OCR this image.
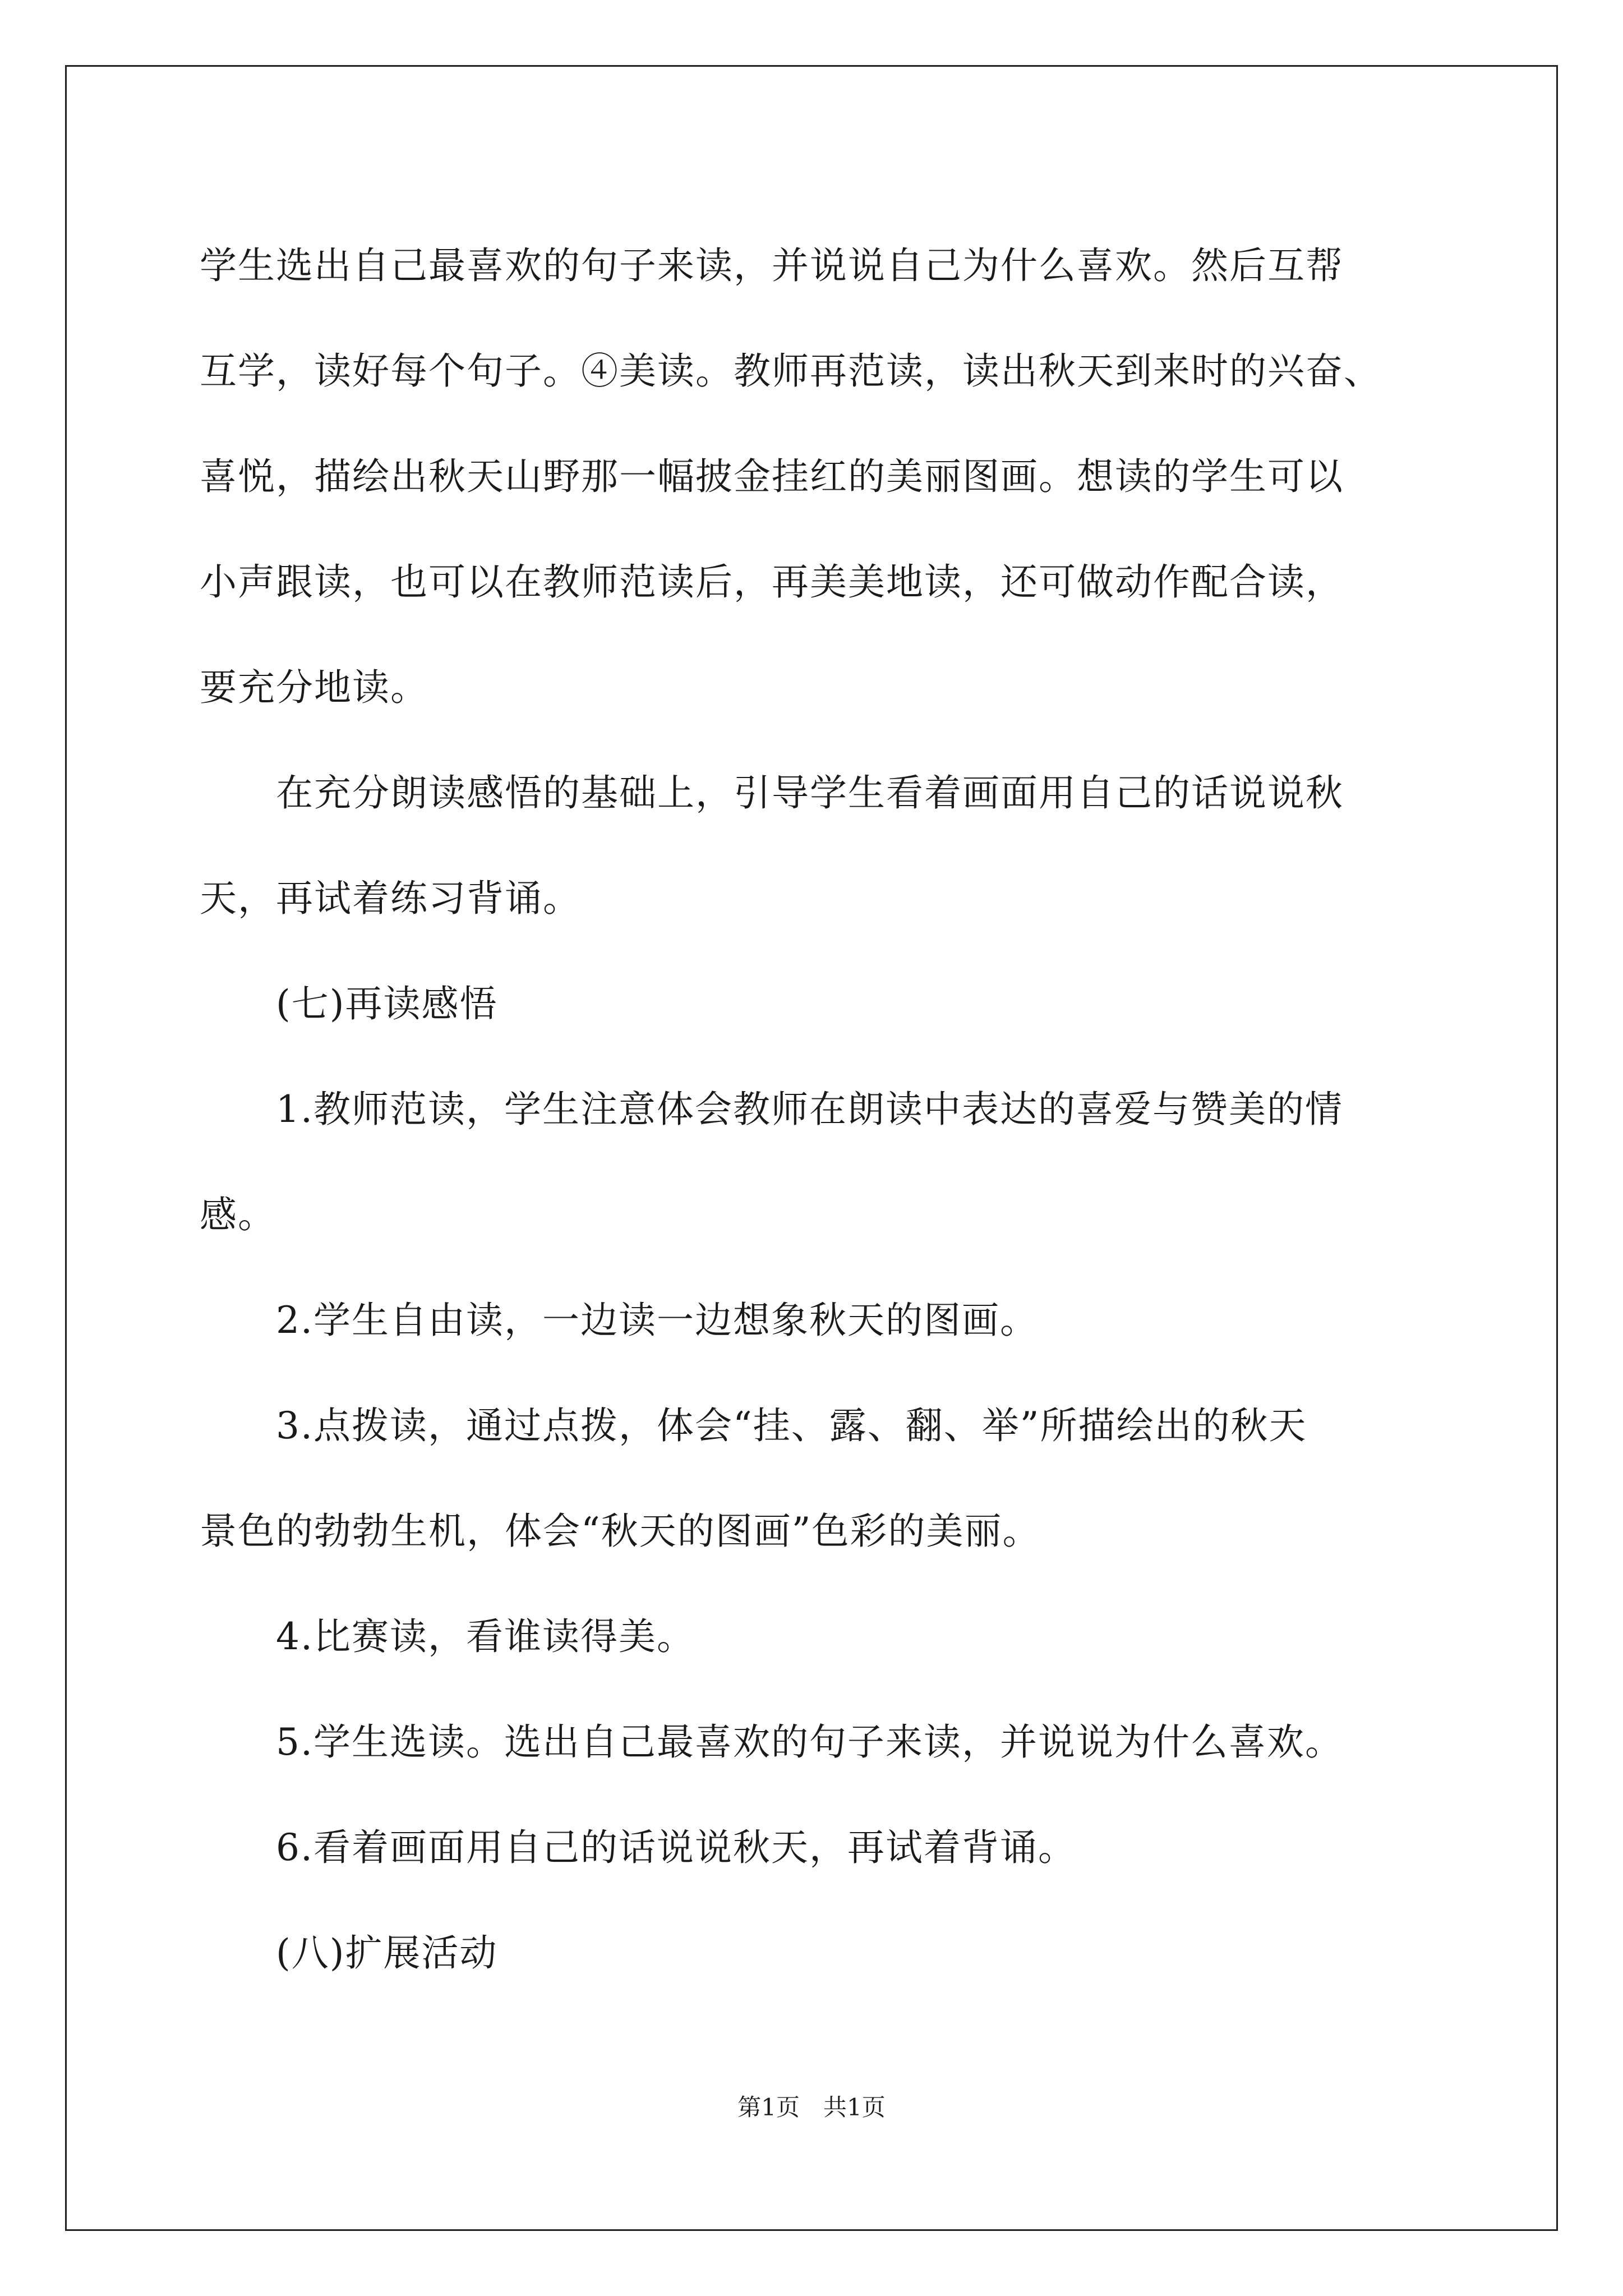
学生选出自己最喜欢的句子来读，并说说自己为什么喜欢。然后互帮
互学，读好每个句子。④美读。教师再范读，读出秋天到来时的兴奋、
喜悦，描绘出秋天山野那一幅披金挂红的美丽图画。想读的学生可以
小声跟读，也可以在教师范读后，再美美地读，还可做动作配合读，
要充分地读。

在充分朗读感悟的基础上，引导学生看着画面用自己的话说说秋
天，再试着练习背诵。

(七)再读感悟

1.教师范读，学生注意体会教师在朗读中表达的喜爱与赞美的情
感。

2.学生自由读，一边读一边想象秋天的图画。

3.点拨读，通过点拨，体会“挂、露、翻、举”所描绘出的秋天
景色的勃勃生机，体会“秋天的图画”色彩的美丽。

4.比赛读，看谁读得美。

5.学生选读。选出自己最喜欢的句子来读，并说说为什么喜欢。

6.看着画面用自己的话说说秋天，再试着背诵。

(八)扩展活动

第1页　共1页
